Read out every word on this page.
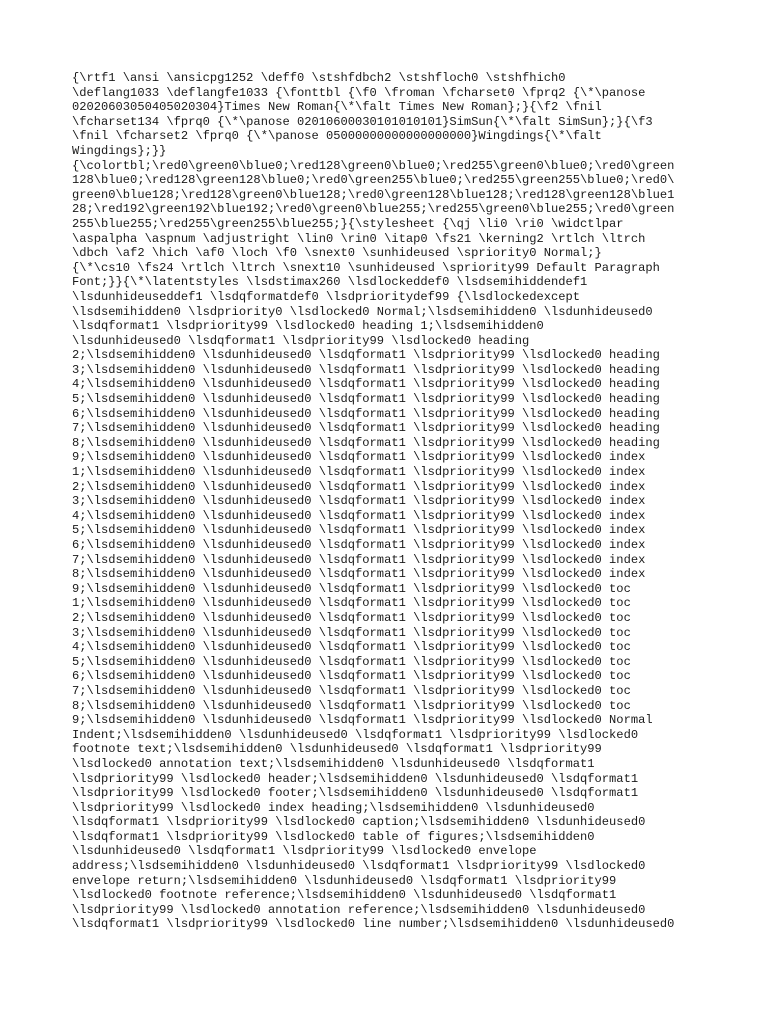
{\rtf1 \ansi \ansicpg1252 \deff0 \stshfdbch2 \stshfloch0 \stshfhich0
\deflang1033 \deflangfe1033 {\fonttbl {\f0 \froman \fcharset0 \fprq2 {\*\panose
02020603050405020304}Times New Roman{\*\falt Times New Roman};}{\f2 \fnil
\fcharset134 \fprq0 {\*\panose 02010600030101010101}SimSun{\*\falt SimSun};}{\f3
\fnil \fcharset2 \fprq0 {\*\panose 05000000000000000000}Wingdings{\*\falt
Wingdings};}}
{\colortbl;\red0\green0\blue0;\red128\green0\blue0;\red255\green0\blue0;\red0\green
128\blue0;\red128\green128\blue0;\red0\green255\blue0;\red255\green255\blue0;\red0\
green0\blue128;\red128\green0\blue128;\red0\green128\blue128;\red128\green128\blue1
28;\red192\green192\blue192;\red0\green0\blue255;\red255\green0\blue255;\red0\green
255\blue255;\red255\green255\blue255;}{\stylesheet {\qj \li0 \ri0 \widctlpar
\aspalpha \aspnum \adjustright \lin0 \rin0 \itap0 \fs21 \kerning2 \rtlch \ltrch
\dbch \af2 \hich \af0 \loch \f0 \snext0 \sunhideused \spriority0 Normal;}
{\*\cs10 \fs24 \rtlch \ltrch \snext10 \sunhideused \spriority99 Default Paragraph
Font;}}{\*\latentstyles \lsdstimax260 \lsdlockeddef0 \lsdsemihiddendef1
\lsdunhideuseddef1 \lsdqformatdef0 \lsdprioritydef99 {\lsdlockedexcept
\lsdsemihidden0 \lsdpriority0 \lsdlocked0 Normal;\lsdsemihidden0 \lsdunhideused0
\lsdqformat1 \lsdpriority99 \lsdlocked0 heading 1;\lsdsemihidden0
\lsdunhideused0 \lsdqformat1 \lsdpriority99 \lsdlocked0 heading
2;\lsdsemihidden0 \lsdunhideused0 \lsdqformat1 \lsdpriority99 \lsdlocked0 heading
3;\lsdsemihidden0 \lsdunhideused0 \lsdqformat1 \lsdpriority99 \lsdlocked0 heading
4;\lsdsemihidden0 \lsdunhideused0 \lsdqformat1 \lsdpriority99 \lsdlocked0 heading
5;\lsdsemihidden0 \lsdunhideused0 \lsdqformat1 \lsdpriority99 \lsdlocked0 heading
6;\lsdsemihidden0 \lsdunhideused0 \lsdqformat1 \lsdpriority99 \lsdlocked0 heading
7;\lsdsemihidden0 \lsdunhideused0 \lsdqformat1 \lsdpriority99 \lsdlocked0 heading
8;\lsdsemihidden0 \lsdunhideused0 \lsdqformat1 \lsdpriority99 \lsdlocked0 heading
9;\lsdsemihidden0 \lsdunhideused0 \lsdqformat1 \lsdpriority99 \lsdlocked0 index
1;\lsdsemihidden0 \lsdunhideused0 \lsdqformat1 \lsdpriority99 \lsdlocked0 index
2;\lsdsemihidden0 \lsdunhideused0 \lsdqformat1 \lsdpriority99 \lsdlocked0 index
3;\lsdsemihidden0 \lsdunhideused0 \lsdqformat1 \lsdpriority99 \lsdlocked0 index
4;\lsdsemihidden0 \lsdunhideused0 \lsdqformat1 \lsdpriority99 \lsdlocked0 index
5;\lsdsemihidden0 \lsdunhideused0 \lsdqformat1 \lsdpriority99 \lsdlocked0 index
6;\lsdsemihidden0 \lsdunhideused0 \lsdqformat1 \lsdpriority99 \lsdlocked0 index
7;\lsdsemihidden0 \lsdunhideused0 \lsdqformat1 \lsdpriority99 \lsdlocked0 index
8;\lsdsemihidden0 \lsdunhideused0 \lsdqformat1 \lsdpriority99 \lsdlocked0 index
9;\lsdsemihidden0 \lsdunhideused0 \lsdqformat1 \lsdpriority99 \lsdlocked0 toc
1;\lsdsemihidden0 \lsdunhideused0 \lsdqformat1 \lsdpriority99 \lsdlocked0 toc
2;\lsdsemihidden0 \lsdunhideused0 \lsdqformat1 \lsdpriority99 \lsdlocked0 toc
3;\lsdsemihidden0 \lsdunhideused0 \lsdqformat1 \lsdpriority99 \lsdlocked0 toc
4;\lsdsemihidden0 \lsdunhideused0 \lsdqformat1 \lsdpriority99 \lsdlocked0 toc
5;\lsdsemihidden0 \lsdunhideused0 \lsdqformat1 \lsdpriority99 \lsdlocked0 toc
6;\lsdsemihidden0 \lsdunhideused0 \lsdqformat1 \lsdpriority99 \lsdlocked0 toc
7;\lsdsemihidden0 \lsdunhideused0 \lsdqformat1 \lsdpriority99 \lsdlocked0 toc
8;\lsdsemihidden0 \lsdunhideused0 \lsdqformat1 \lsdpriority99 \lsdlocked0 toc
9;\lsdsemihidden0 \lsdunhideused0 \lsdqformat1 \lsdpriority99 \lsdlocked0 Normal
Indent;\lsdsemihidden0 \lsdunhideused0 \lsdqformat1 \lsdpriority99 \lsdlocked0
footnote text;\lsdsemihidden0 \lsdunhideused0 \lsdqformat1 \lsdpriority99
\lsdlocked0 annotation text;\lsdsemihidden0 \lsdunhideused0 \lsdqformat1
\lsdpriority99 \lsdlocked0 header;\lsdsemihidden0 \lsdunhideused0 \lsdqformat1
\lsdpriority99 \lsdlocked0 footer;\lsdsemihidden0 \lsdunhideused0 \lsdqformat1
\lsdpriority99 \lsdlocked0 index heading;\lsdsemihidden0 \lsdunhideused0
\lsdqformat1 \lsdpriority99 \lsdlocked0 caption;\lsdsemihidden0 \lsdunhideused0
\lsdqformat1 \lsdpriority99 \lsdlocked0 table of figures;\lsdsemihidden0
\lsdunhideused0 \lsdqformat1 \lsdpriority99 \lsdlocked0 envelope
address;\lsdsemihidden0 \lsdunhideused0 \lsdqformat1 \lsdpriority99 \lsdlocked0
envelope return;\lsdsemihidden0 \lsdunhideused0 \lsdqformat1 \lsdpriority99
\lsdlocked0 footnote reference;\lsdsemihidden0 \lsdunhideused0 \lsdqformat1
\lsdpriority99 \lsdlocked0 annotation reference;\lsdsemihidden0 \lsdunhideused0
\lsdqformat1 \lsdpriority99 \lsdlocked0 line number;\lsdsemihidden0 \lsdunhideused0
